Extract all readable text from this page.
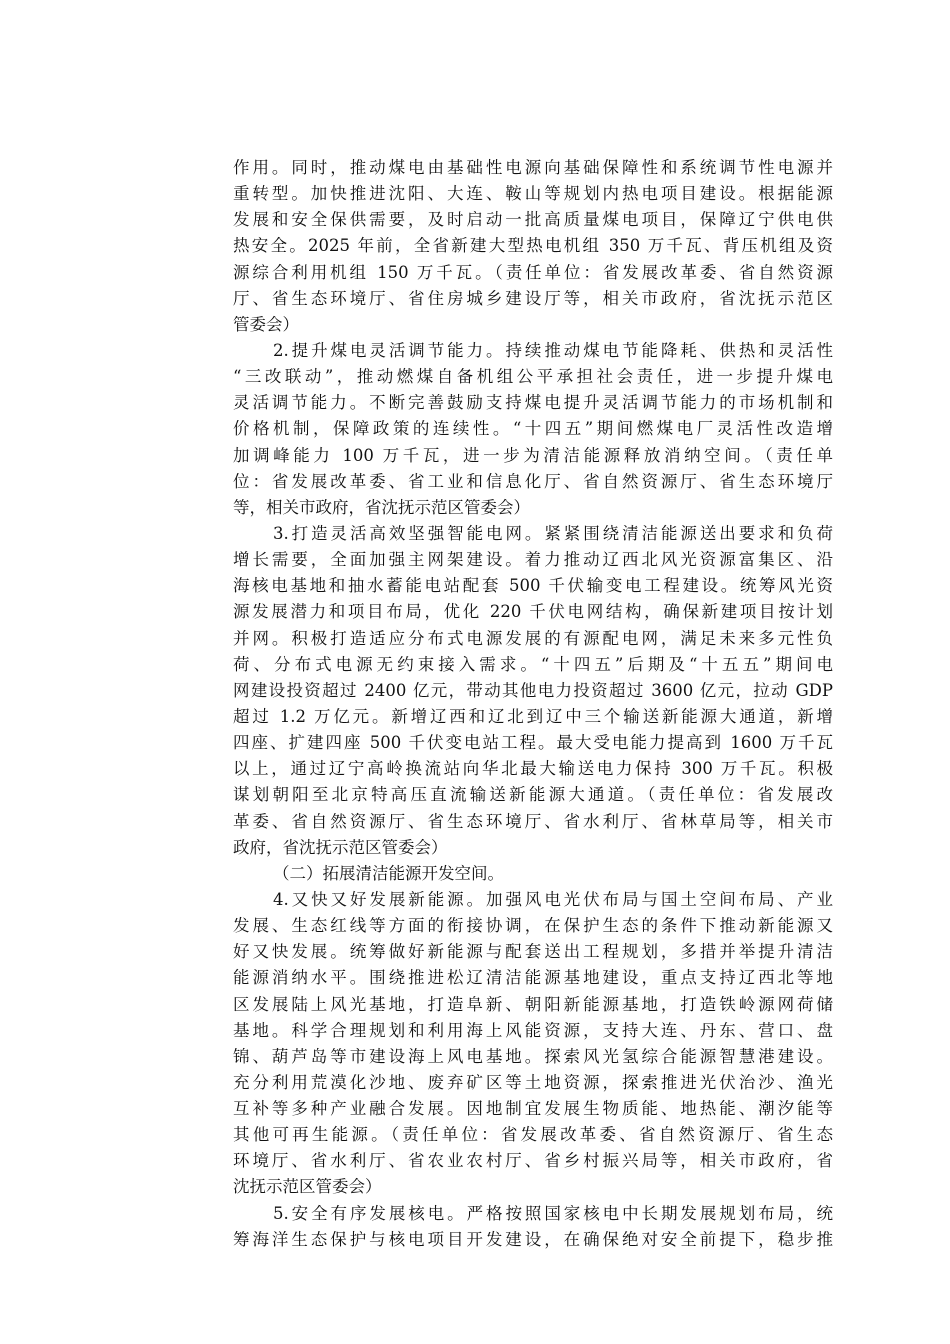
作用。同时，推动煤电由基础性电源向基础保障性和系统调节性电源并
重转型。加快推进沈阳、大连、鞍山等规划内热电项目建设。根据能源
发展和安全保供需要，及时启动一批高质量煤电项目，保障辽宁供电供
热安全。2025 年前，全省新建大型热电机组 350 万千瓦、背压机组及资
源综合利用机组 150 万千瓦。（责任单位：省发展改革委、省自然资源
厅、省生态环境厅、省住房城乡建设厅等，相关市政府，省沈抚示范区
管委会）
2.提升煤电灵活调节能力。持续推动煤电节能降耗、供热和灵活性
“三改联动”，推动燃煤自备机组公平承担社会责任，进一步提升煤电
灵活调节能力。不断完善鼓励支持煤电提升灵活调节能力的市场机制和
价格机制，保障政策的连续性。“十四五”期间燃煤电厂灵活性改造增
加调峰能力 100 万千瓦，进一步为清洁能源释放消纳空间。（责任单
位：省发展改革委、省工业和信息化厅、省自然资源厅、省生态环境厅
等，相关市政府，省沈抚示范区管委会）
3.打造灵活高效坚强智能电网。紧紧围绕清洁能源送出要求和负荷
增长需要，全面加强主网架建设。着力推动辽西北风光资源富集区、沿
海核电基地和抽水蓄能电站配套 500 千伏输变电工程建设。统筹风光资
源发展潜力和项目布局，优化 220 千伏电网结构，确保新建项目按计划
并网。积极打造适应分布式电源发展的有源配电网，满足未来多元性负
荷、分布式电源无约束接入需求。“十四五”后期及“十五五”期间电
网建设投资超过 2400 亿元，带动其他电力投资超过 3600 亿元，拉动 GDP
超过 1.2 万亿元。新增辽西和辽北到辽中三个输送新能源大通道，新增
四座、扩建四座 500 千伏变电站工程。最大受电能力提高到 1600 万千瓦
以上，通过辽宁高岭换流站向华北最大输送电力保持 300 万千瓦。积极
谋划朝阳至北京特高压直流输送新能源大通道。（责任单位：省发展改
革委、省自然资源厅、省生态环境厅、省水利厅、省林草局等，相关市
政府，省沈抚示范区管委会）
（二）拓展清洁能源开发空间。
4.又快又好发展新能源。加强风电光伏布局与国土空间布局、产业
发展、生态红线等方面的衔接协调，在保护生态的条件下推动新能源又
好又快发展。统筹做好新能源与配套送出工程规划，多措并举提升清洁
能源消纳水平。围绕推进松辽清洁能源基地建设，重点支持辽西北等地
区发展陆上风光基地，打造阜新、朝阳新能源基地，打造铁岭源网荷储
基地。科学合理规划和利用海上风能资源，支持大连、丹东、营口、盘
锦、葫芦岛等市建设海上风电基地。探索风光氢综合能源智慧港建设。
充分利用荒漠化沙地、废弃矿区等土地资源，探索推进光伏治沙、渔光
互补等多种产业融合发展。因地制宜发展生物质能、地热能、潮汐能等
其他可再生能源。（责任单位：省发展改革委、省自然资源厅、省生态
环境厅、省水利厅、省农业农村厅、省乡村振兴局等，相关市政府，省
沈抚示范区管委会）
5.安全有序发展核电。严格按照国家核电中长期发展规划布局，统
筹海洋生态保护与核电项目开发建设，在确保绝对安全前提下，稳步推
